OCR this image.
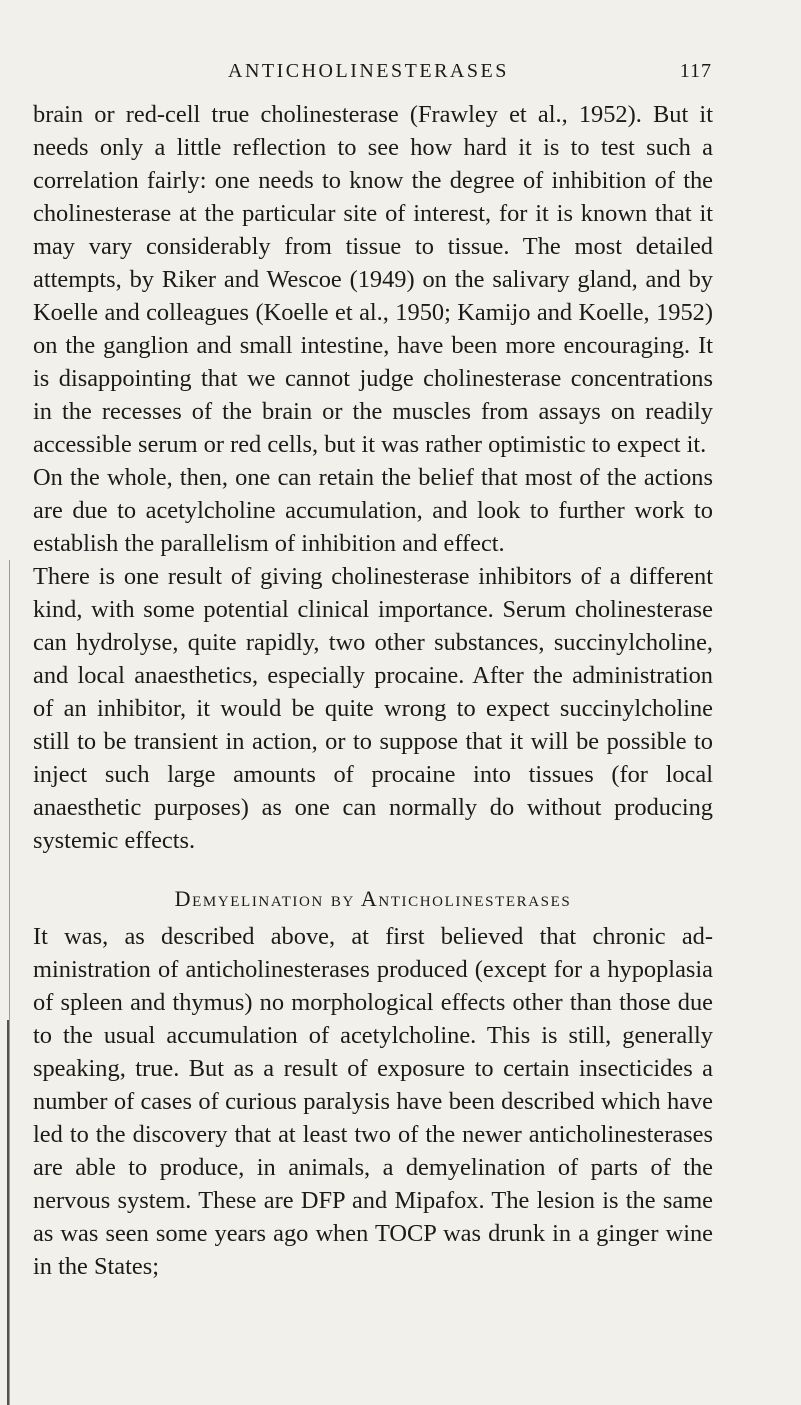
ANTICHOLINESTERASES	117

brain or red-cell true cholinesterase (Frawley et al., 1952). But it needs only a little reflection to see how hard it is to test such a correlation fairly: one needs to know the degree of inhibition of the cholinesterase at the particular site of interest, for it is known that it may vary considerably from tissue to tissue. The most detailed attempts, by Riker and Wescoe (1949) on the salivary gland, and by Koelle and colleagues (Koelle et al., 1950; Kamijo and Koelle, 1952) on the ganglion and small intestine, have been more encouraging. It is disappointing that we cannot judge cholinesterase concentrations in the recesses of the brain or the muscles from assays on readily accessible serum or red cells, but it was rather optimistic to expect it.

On the whole, then, one can retain the belief that most of the actions are due to acetylcholine accumulation, and look to further work to establish the parallelism of inhibition and effect.

There is one result of giving cholinesterase inhibitors of a different kind, with some potential clinical importance. Serum cholinesterase can hydrolyse, quite rapidly, two other substances, succinylcholine, and local anaesthetics, especially procaine. After the administration of an inhibitor, it would be quite wrong to expect succinylcholine still to be transient in action, or to suppose that it will be possible to inject such large amounts of procaine into tissues (for local anaesthetic purposes) as one can normally do without producing systemic effects.

Demyelination by Anticholinesterases

It was, as described above, at first believed that chronic administration of anticholinesterases produced (except for a hypoplasia of spleen and thymus) no morphological effects other than those due to the usual accumulation of acetylcholine. This is still, generally speaking, true. But as a result of exposure to certain insecticides a number of cases of curious paralysis have been described which have led to the discovery that at least two of the newer anticholinesterases are able to produce, in animals, a demyelination of parts of the nervous system. These are DFP and Mipafox. The lesion is the same as was seen some years ago when TOCP was drunk in a ginger wine in the States;
